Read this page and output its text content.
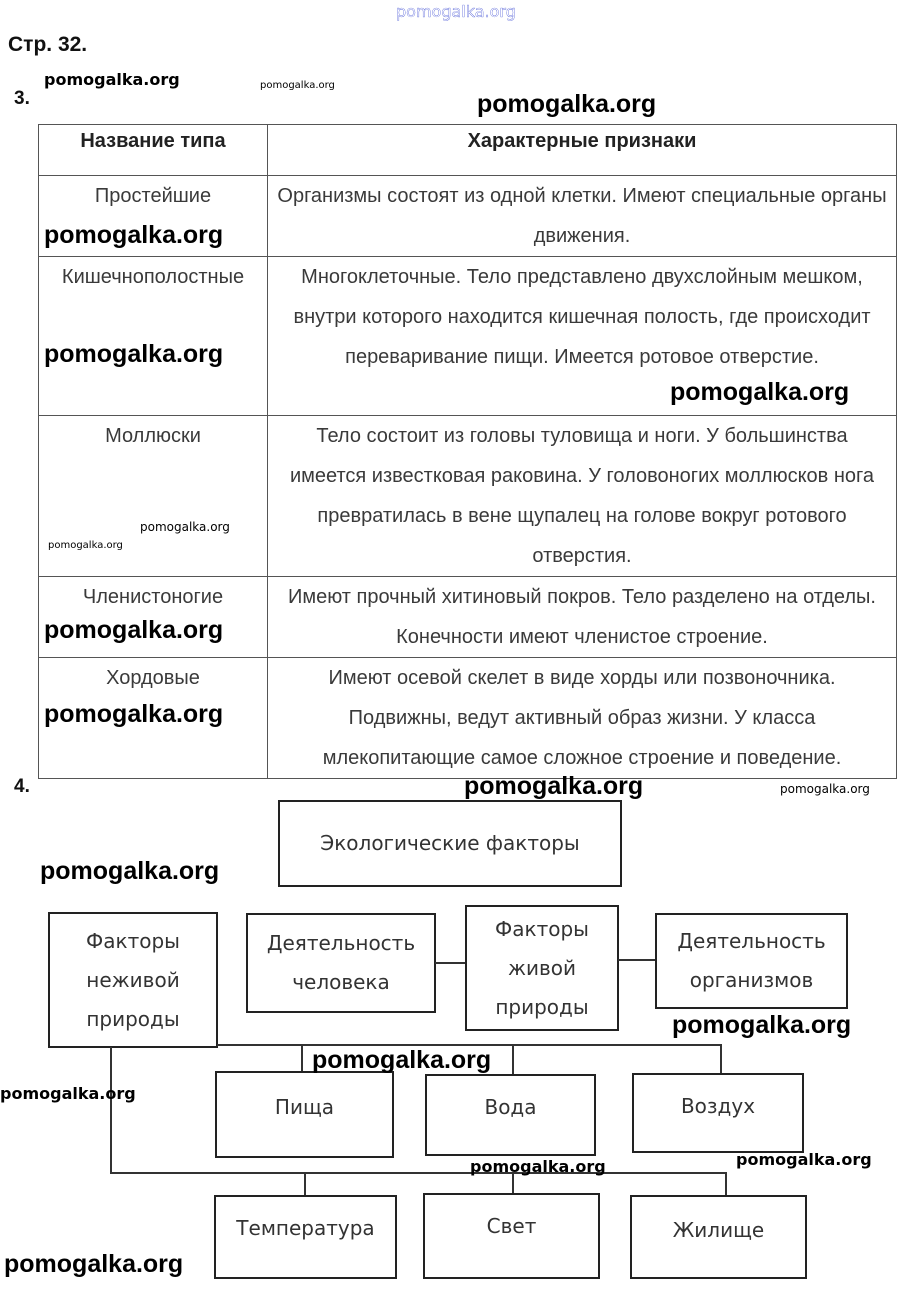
pomogalka.org
Стр. 32.
3.
Название типа	Характерные признаки
Простейшие	Организмы состоят из одной клетки. Имеют специальные органы движения.
Кишечнополостные	Многоклеточные. Тело представлено двухслойным мешком, внутри которого находится кишечная полость, где происходит переваривание пищи. Имеется ротовое отверстие.
Моллюски	Тело состоит из головы туловища и ноги. У большинства имеется известковая раковина. У головоногих моллюсков нога превратилась в вене щупалец на голове вокруг ротового отверстия.
Членистоногие	Имеют прочный хитиновый покров. Тело разделено на отделы. Конечности имеют членистое строение.
Хордовые	Имеют осевой скелет в виде хорды или позвоночника. Подвижны, ведут активный образ жизни. У класса млекопитающие самое сложное строение и поведение.
4.
Экологические факторы
Факторы неживой природы
Деятельность человека
Факторы живой природы
Деятельность организмов
Пища	Вода	Воздух
Температура	Свет	Жилище
pomogalka.org	pomogalka.org
pomogalka.org
pomogalka.org
pomogalka.org
pomogalka.org
pomogalka.org
pomogalka.org
pomogalka.org
pomogalka.org
pomogalka.org
pomogalka.org
pomogalka.org
pomogalka.org
pomogalka.org
pomogalka.org
pomogalka.org
pomogalka.org
pomogalka.org
